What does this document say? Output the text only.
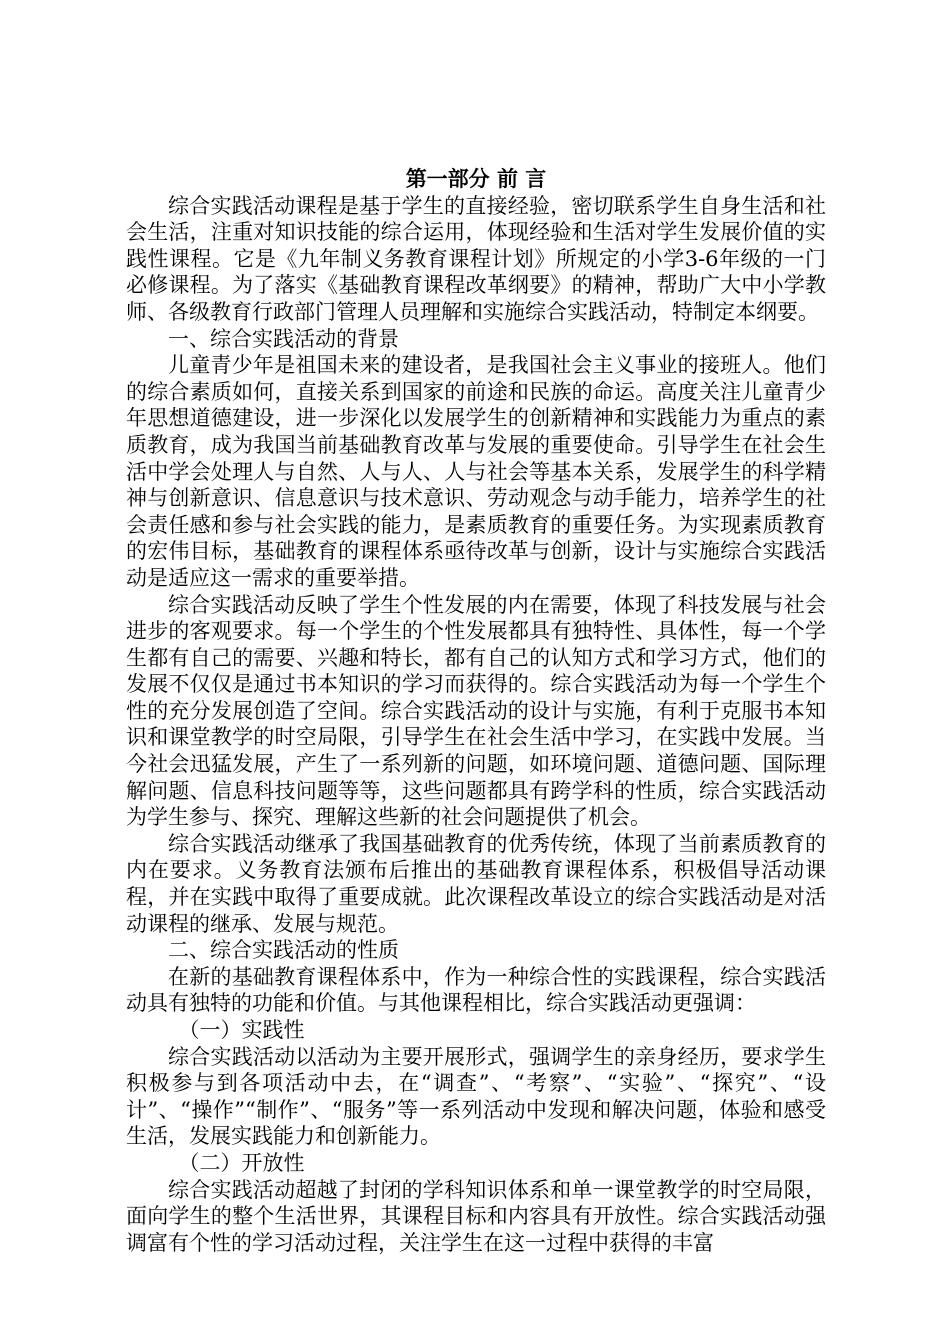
第一部分 前 言

综合实践活动课程是基于学生的直接经验，密切联系学生自身生活和社会生活，注重对知识技能的综合运用，体现经验和生活对学生发展价值的实践性课程。它是《九年制义务教育课程计划》所规定的小学3-6年级的一门必修课程。为了落实《基础教育课程改革纲要》的精神，帮助广大中小学教师、各级教育行政部门管理人员理解和实施综合实践活动，特制定本纲要。

一、综合实践活动的背景

儿童青少年是祖国未来的建设者，是我国社会主义事业的接班人。他们的综合素质如何，直接关系到国家的前途和民族的命运。高度关注儿童青少年思想道德建设，进一步深化以发展学生的创新精神和实践能力为重点的素质教育，成为我国当前基础教育改革与发展的重要使命。引导学生在社会生活中学会处理人与自然、人与人、人与社会等基本关系，发展学生的科学精神与创新意识、信息意识与技术意识、劳动观念与动手能力，培养学生的社会责任感和参与社会实践的能力，是素质教育的重要任务。为实现素质教育的宏伟目标，基础教育的课程体系亟待改革与创新，设计与实施综合实践活动是适应这一需求的重要举措。

综合实践活动反映了学生个性发展的内在需要，体现了科技发展与社会进步的客观要求。每一个学生的个性发展都具有独特性、具体性，每一个学生都有自己的需要、兴趣和特长，都有自己的认知方式和学习方式，他们的发展不仅仅是通过书本知识的学习而获得的。综合实践活动为每一个学生个性的充分发展创造了空间。综合实践活动的设计与实施，有利于克服书本知识和课堂教学的时空局限，引导学生在社会生活中学习，在实践中发展。当今社会迅猛发展，产生了一系列新的问题，如环境问题、道德问题、国际理解问题、信息科技问题等等，这些问题都具有跨学科的性质，综合实践活动为学生参与、探究、理解这些新的社会问题提供了机会。

综合实践活动继承了我国基础教育的优秀传统，体现了当前素质教育的内在要求。义务教育法颁布后推出的基础教育课程体系，积极倡导活动课程，并在实践中取得了重要成就。此次课程改革设立的综合实践活动是对活动课程的继承、发展与规范。

二、综合实践活动的性质

在新的基础教育课程体系中，作为一种综合性的实践课程，综合实践活动具有独特的功能和价值。与其他课程相比，综合实践活动更强调：

（一）实践性

综合实践活动以活动为主要开展形式，强调学生的亲身经历，要求学生积极参与到各项活动中去，在“调查”、“考察”、“实验”、“探究”、“设计”、“操作”“制作”、“服务”等一系列活动中发现和解决问题，体验和感受生活，发展实践能力和创新能力。

（二）开放性

综合实践活动超越了封闭的学科知识体系和单一课堂教学的时空局限，面向学生的整个生活世界，其课程目标和内容具有开放性。综合实践活动强调富有个性的学习活动过程，关注学生在这一过程中获得的丰富
